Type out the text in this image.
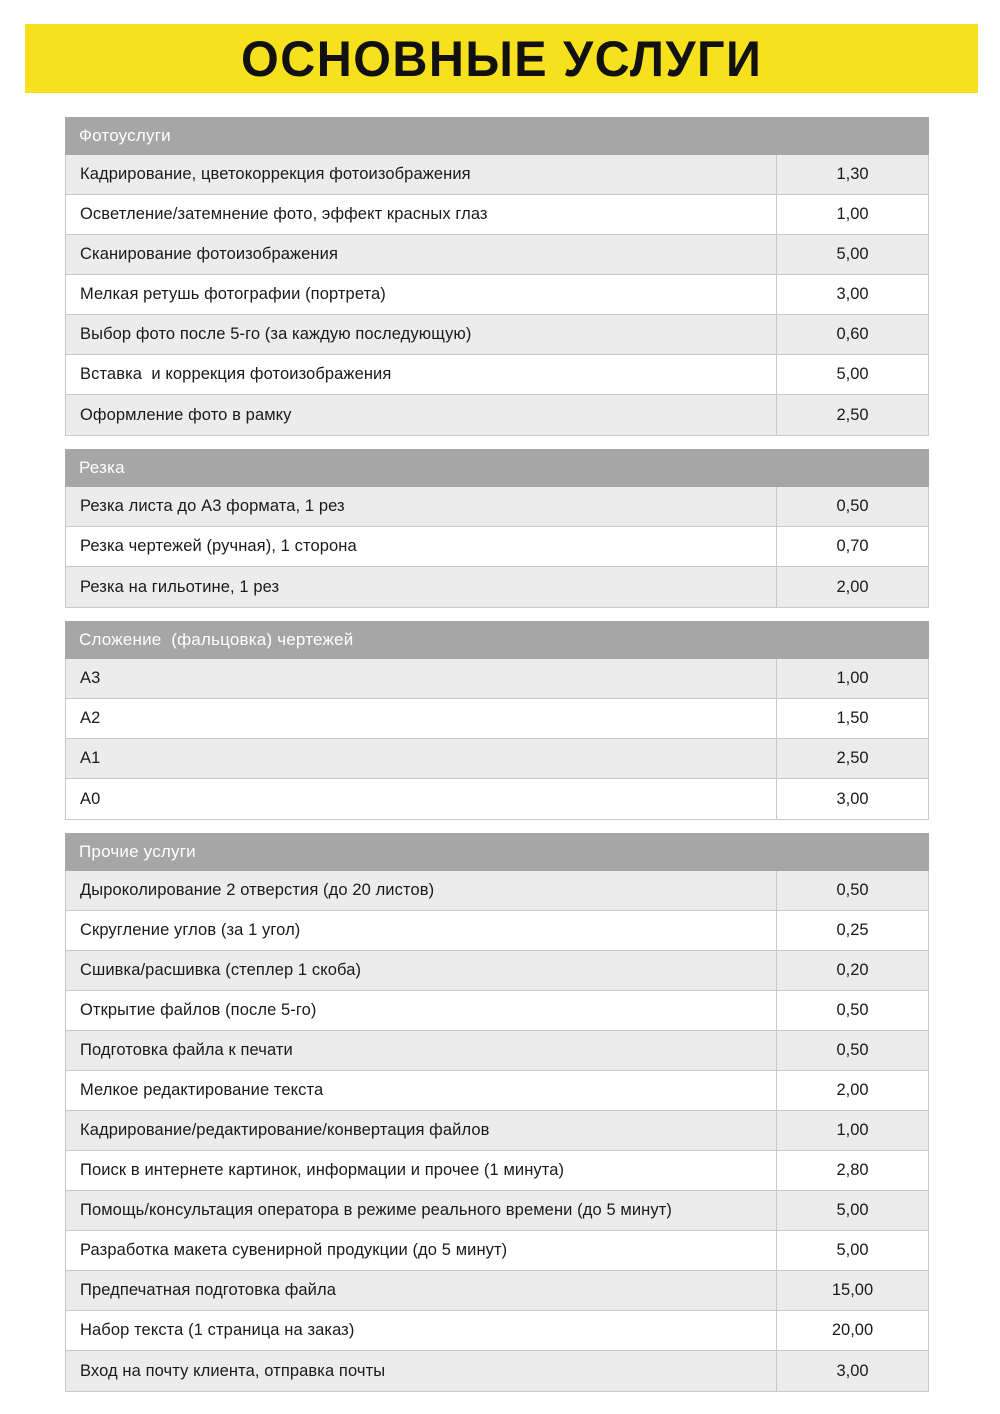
ОСНОВНЫЕ УСЛУГИ
Фотоуслуги
Кадрирование, цветокоррекция фотоизображения	1,30
Осветление/затемнение фото, эффект красных глаз	1,00
Сканирование фотоизображения	5,00
Мелкая ретушь фотографии (портрета)	3,00
Выбор фото после 5-го (за каждую последующую)	0,60
Вставка  и коррекция фотоизображения	5,00
Оформление фото в рамку	2,50
Резка
Резка листа до А3 формата, 1 рез	0,50
Резка чертежей (ручная), 1 сторона	0,70
Резка на гильотине, 1 рез	2,00
Сложение  (фальцовка) чертежей
А3	1,00
А2	1,50
А1	2,50
А0	3,00
Прочие услуги
Дыроколирование 2 отверстия (до 20 листов)	0,50
Скругление углов (за 1 угол)	0,25
Сшивка/расшивка (степлер 1 скоба)	0,20
Открытие файлов (после 5-го)	0,50
Подготовка файла к печати	0,50
Мелкое редактирование текста	2,00
Кадрирование/редактирование/конвертация файлов	1,00
Поиск в интернете картинок, информации и прочее (1 минута)	2,80
Помощь/консультация оператора в режиме реального времени (до 5 минут)	5,00
Разработка макета сувенирной продукции (до 5 минут)	5,00
Предпечатная подготовка файла	15,00
Набор текста (1 страница на заказ)	20,00
Вход на почту клиента, отправка почты	3,00
